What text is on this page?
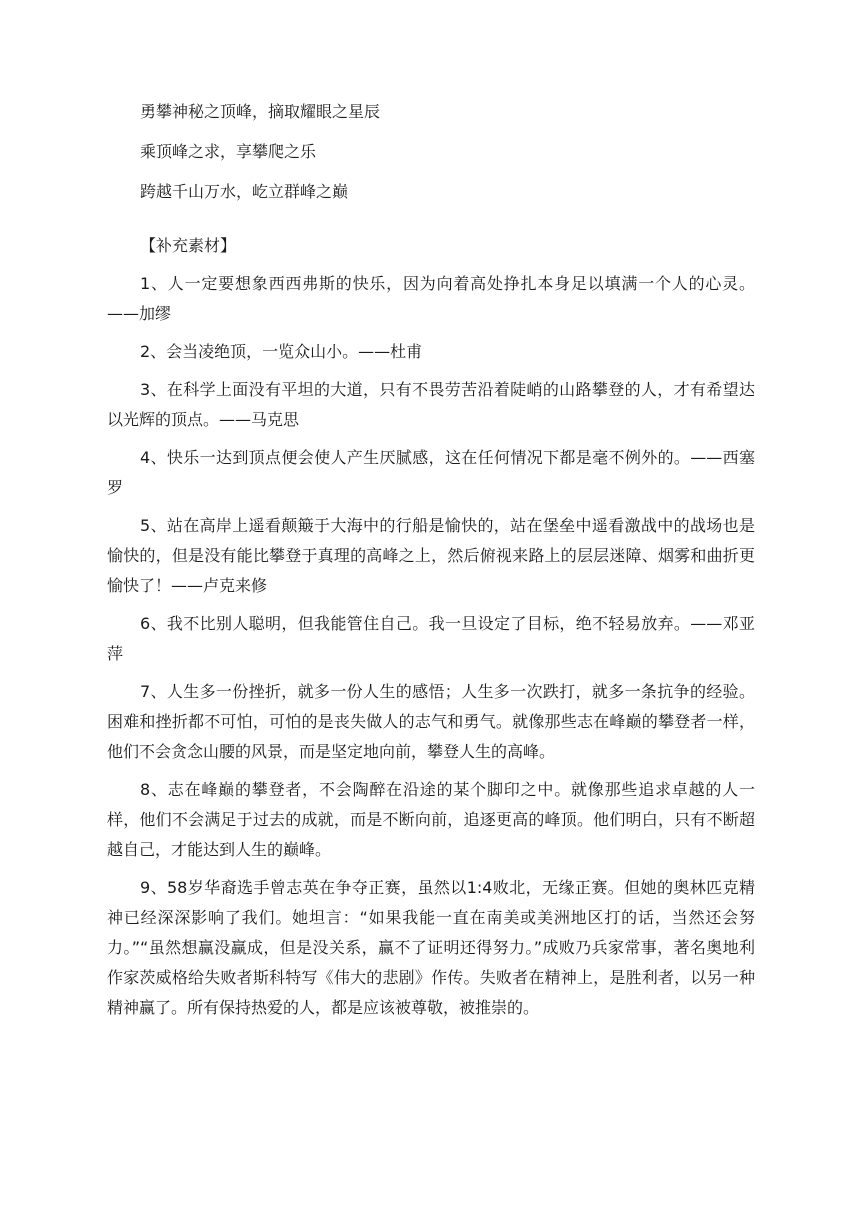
勇攀神秘之顶峰，摘取耀眼之星辰
乘顶峰之求，享攀爬之乐
跨越千山万水，屹立群峰之巅
【补充素材】

1、人一定要想象西西弗斯的快乐，因为向着高处挣扎本身足以填满一个人的心灵。——加缪

2、会当凌绝顶，一览众山小。——杜甫

3、在科学上面没有平坦的大道，只有不畏劳苦沿着陡峭的山路攀登的人，才有希望达以光辉的顶点。——马克思

4、快乐一达到顶点便会使人产生厌腻感，这在任何情况下都是毫不例外的。——西塞罗

5、站在高岸上遥看颠簸于大海中的行船是愉快的，站在堡垒中遥看激战中的战场也是愉快的，但是没有能比攀登于真理的高峰之上，然后俯视来路上的层层迷障、烟雾和曲折更愉快了！——卢克来修

6、我不比别人聪明，但我能管住自己。我一旦设定了目标，绝不轻易放弃。——邓亚萍

7、人生多一份挫折，就多一份人生的感悟；人生多一次跌打，就多一条抗争的经验。困难和挫折都不可怕，可怕的是丧失做人的志气和勇气。就像那些志在峰巅的攀登者一样，他们不会贪念山腰的风景，而是坚定地向前，攀登人生的高峰。

8、志在峰巅的攀登者，不会陶醉在沿途的某个脚印之中。就像那些追求卓越的人一样，他们不会满足于过去的成就，而是不断向前，追逐更高的峰顶。他们明白，只有不断超越自己，才能达到人生的巅峰。

9、58岁华裔选手曾志英在争夺正赛，虽然以1:4败北，无缘正赛。但她的奥林匹克精神已经深深影响了我们。她坦言：“如果我能一直在南美或美洲地区打的话，当然还会努力。”“虽然想赢没赢成，但是没关系，赢不了证明还得努力。”成败乃兵家常事，著名奥地利作家茨威格给失败者斯科特写《伟大的悲剧》作传。失败者在精神上，是胜利者，以另一种精神赢了。所有保持热爱的人，都是应该被尊敬，被推崇的。
